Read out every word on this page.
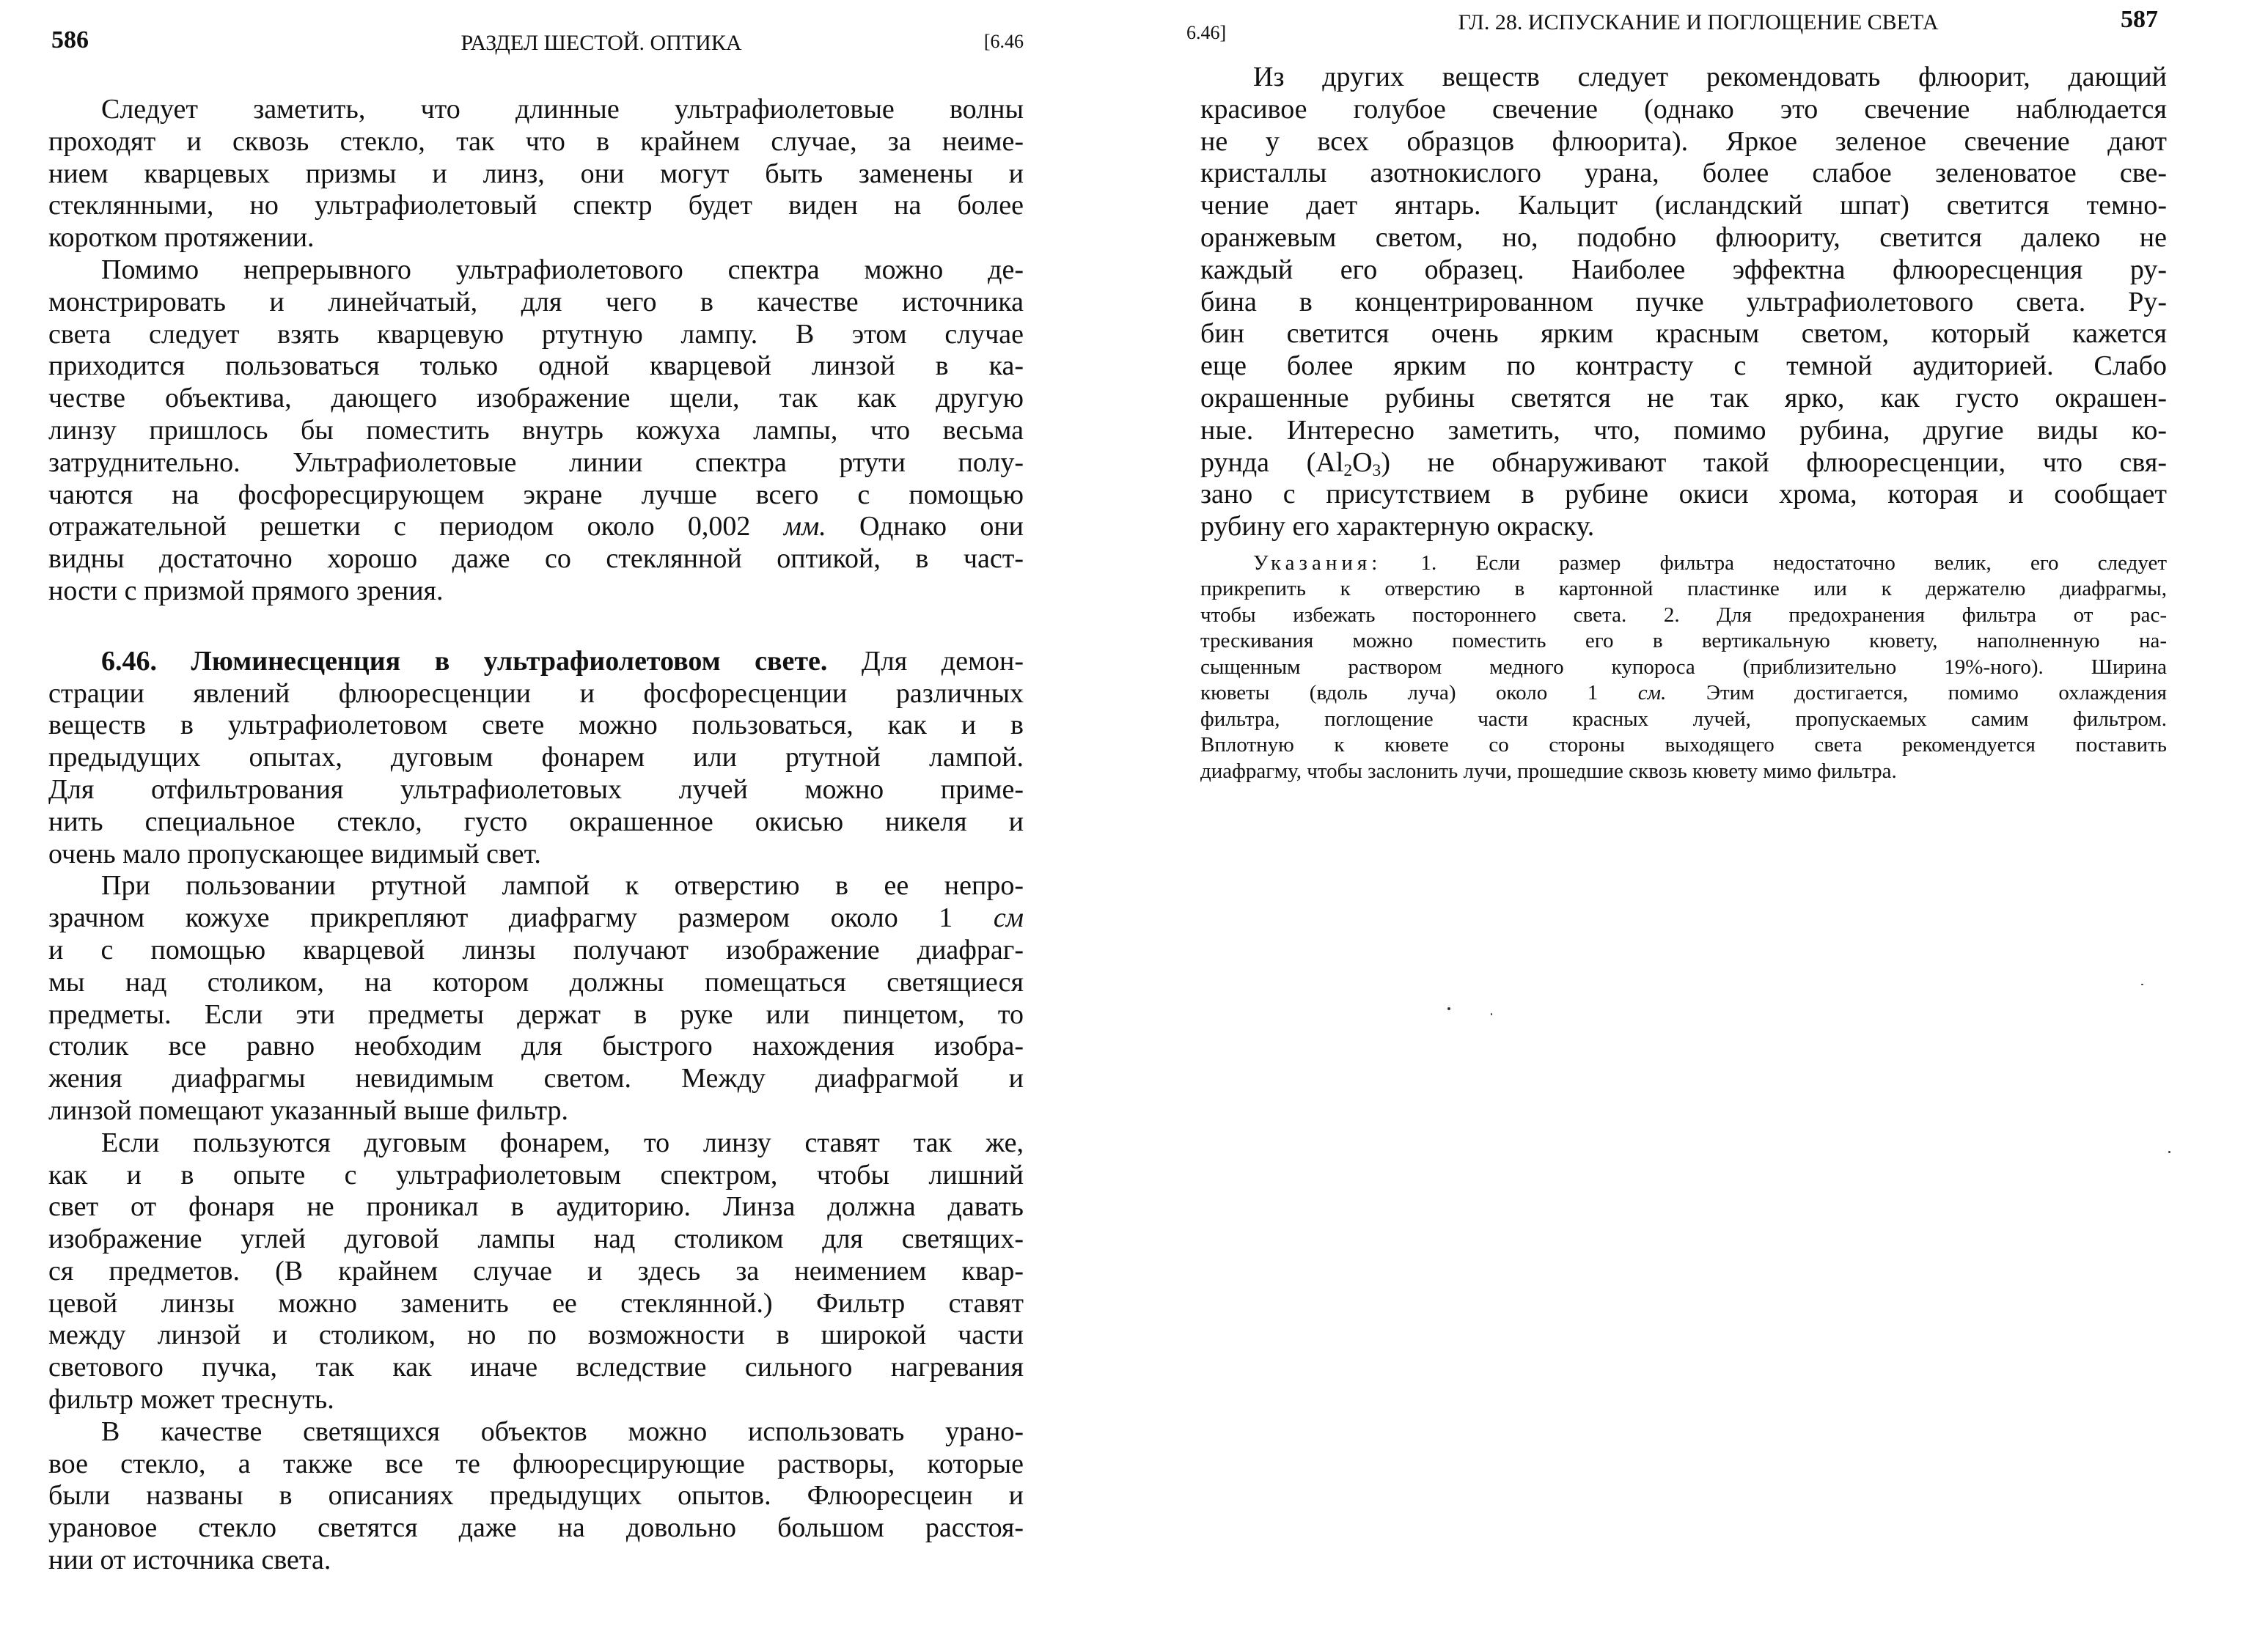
586	РАЗДЕЛ ШЕСТОЙ. ОПТИКА	[6.46
Следует заметить, что длинные ультрафиолетовые волны
проходят и сквозь стекло, так что в крайнем случае, за неиме-
нием кварцевых призмы и линз, они могут быть заменены и
стеклянными, но ультрафиолетовый спектр будет виден на более
коротком протяжении.
Помимо непрерывного ультрафиолетового спектра можно де-
монстрировать и линейчатый, для чего в качестве источника
света следует взять кварцевую ртутную лампу. В этом случае
приходится пользоваться только одной кварцевой линзой в ка-
честве объектива, дающего изображение щели, так как другую
линзу пришлось бы поместить внутрь кожуха лампы, что весьма
затруднительно. Ультрафиолетовые линии спектра ртути полу-
чаются на фосфоресцирующем экране лучше всего с помощью
отражательной решетки с периодом около 0,002 мм. Однако они
видны достаточно хорошо даже со стеклянной оптикой, в част-
ности с призмой прямого зрения.
6.46. Люминесценция в ультрафиолетовом свете. Для демон-
страции явлений флюоресценции и фосфоресценции различных
веществ в ультрафиолетовом свете можно пользоваться, как и в
предыдущих опытах, дуговым фонарем или ртутной лампой.
Для отфильтрования ультрафиолетовых лучей можно приме-
нить специальное стекло, густо окрашенное окисью никеля и
очень мало пропускающее видимый свет.
При пользовании ртутной лампой к отверстию в ее непро-
зрачном кожухе прикрепляют диафрагму размером около 1 см
и с помощью кварцевой линзы получают изображение диафраг-
мы над столиком, на котором должны помещаться светящиеся
предметы. Если эти предметы держат в руке или пинцетом, то
столик все равно необходим для быстрого нахождения изобра-
жения диафрагмы невидимым светом. Между диафрагмой и
линзой помещают указанный выше фильтр.
Если пользуются дуговым фонарем, то линзу ставят так же,
как и в опыте с ультрафиолетовым спектром, чтобы лишний
свет от фонаря не проникал в аудиторию. Линза должна давать
изображение углей дуговой лампы над столиком для светящих-
ся предметов. (В крайнем случае и здесь за неимением квар-
цевой линзы можно заменить ее стеклянной.) Фильтр ставят
между линзой и столиком, но по возможности в широкой части
светового пучка, так как иначе вследствие сильного нагревания
фильтр может треснуть.
В качестве светящихся объектов можно использовать урано-
вое стекло, а также все те флюоресцирующие растворы, которые
были названы в описаниях предыдущих опытов. Флюоресцеин и
урановое стекло светятся даже на довольно большом расстоя-
нии от источника света.
6.46]	ГЛ. 28. ИСПУСКАНИЕ И ПОГЛОЩЕНИЕ СВЕТА	587
Из других веществ следует рекомендовать флюорит, дающий
красивое голубое свечение (однако это свечение наблюдается
не у всех образцов флюорита). Яркое зеленое свечение дают
кристаллы азотнокислого урана, более слабое зеленоватое све-
чение дает янтарь. Кальцит (исландский шпат) светится темно-
оранжевым светом, но, подобно флюориту, светится далеко не
каждый его образец. Наиболее эффектна флюоресценция ру-
бина в концентрированном пучке ультрафиолетового света. Ру-
бин светится очень ярким красным светом, который кажется
еще более ярким по контрасту с темной аудиторией. Слабо
окрашенные рубины светятся не так ярко, как густо окрашен-
ные. Интересно заметить, что, помимо рубина, другие виды ко-
рунда $(Al_2O_3)$ не обнаруживают такой флюоресценции, что свя-
зано с присутствием в рубине окиси хрома, которая и сообщает
рубину его характерную окраску.
Указания: 1. Если размер фильтра недостаточно велик, его следует
прикрепить к отверстию в картонной пластинке или к держателю диафрагмы,
чтобы избежать постороннего света. 2. Для предохранения фильтра от рас-
трескивания можно поместить его в вертикальную кювету, наполненную на-
сыщенным раствором медного купороса (приблизительно 19%-ного). Ширина
кюветы (вдоль луча) около 1 см. Этим достигается, помимо охлаждения
фильтра, поглощение части красных лучей, пропускаемых самим фильтром.
Вплотную к кювете со стороны выходящего света рекомендуется поставить
диафрагму, чтобы заслонить лучи, прошедшие сквозь кювету мимо фильтра.
